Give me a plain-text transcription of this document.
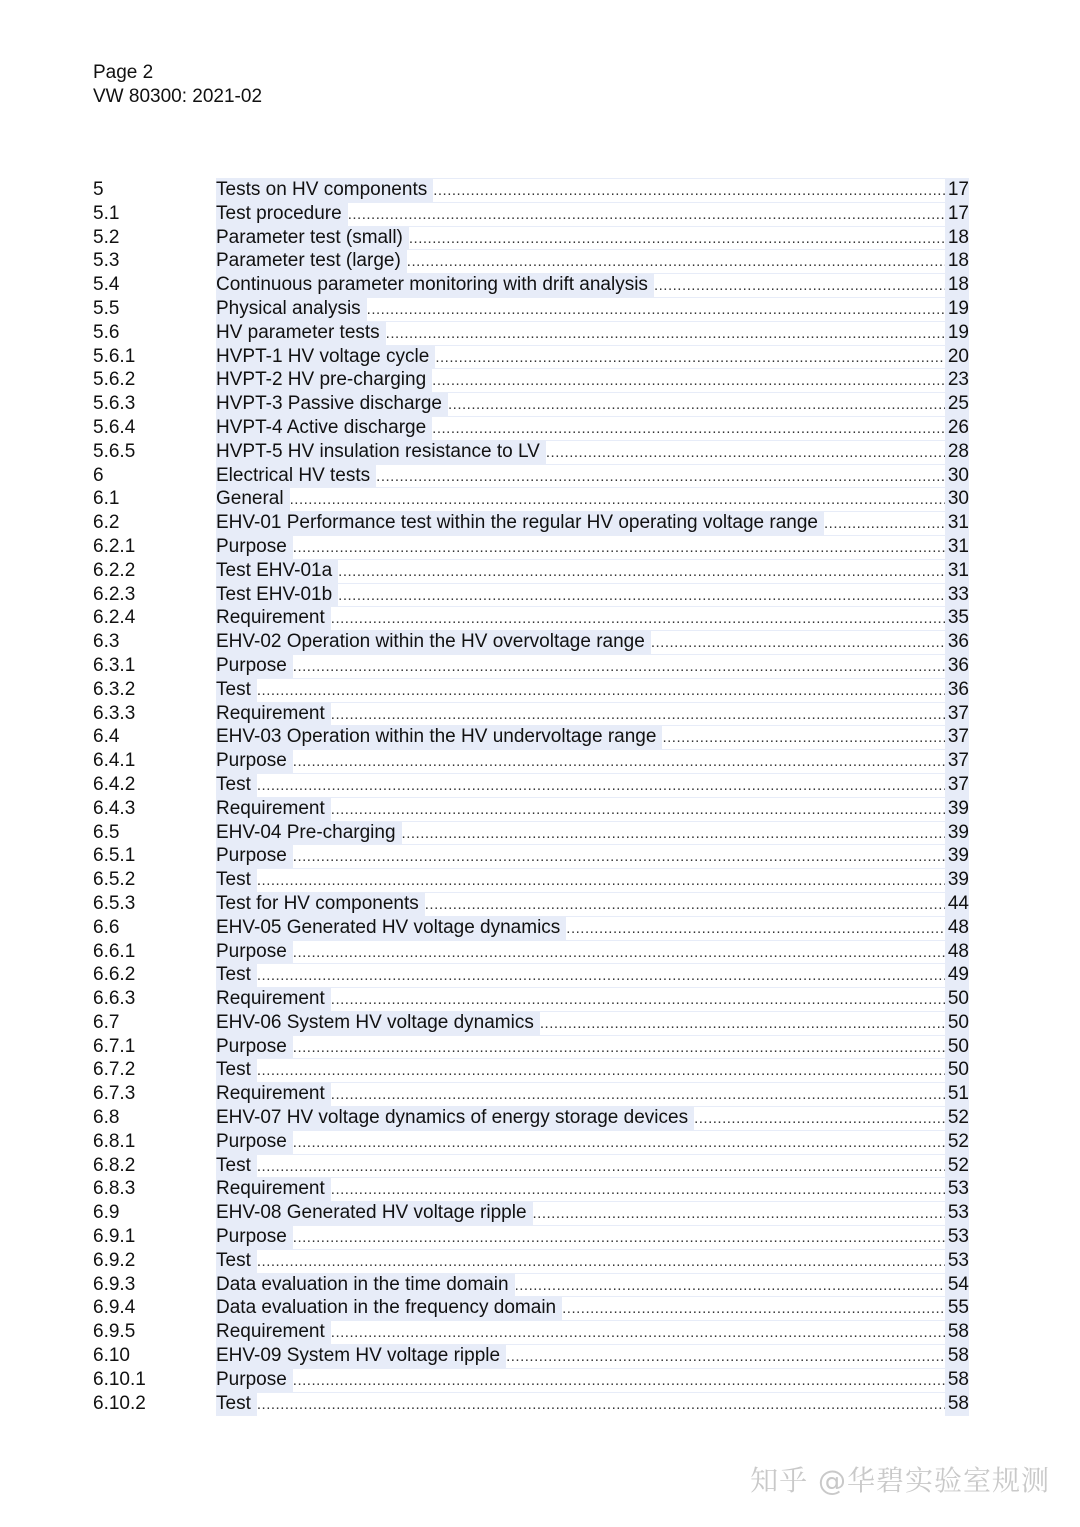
Page 2
VW 80300: 2021-02
5	Tests on HV components .....	17
5.1	Test procedure .....	17
5.2	Parameter test (small) .....	18
5.3	Parameter test (large) .....	18
5.4	Continuous parameter monitoring with drift analysis .....	18
5.5	Physical analysis .....	19
5.6	HV parameter tests .....	19
5.6.1	HVPT-1 HV voltage cycle .....	20
5.6.2	HVPT-2 HV pre-charging .....	23
5.6.3	HVPT-3 Passive discharge .....	25
5.6.4	HVPT-4 Active discharge .....	26
5.6.5	HVPT-5 HV insulation resistance to LV .....	28
6	Electrical HV tests .....	30
6.1	General .....	30
6.2	EHV-01 Performance test within the regular HV operating voltage range .....	31
6.2.1	Purpose .....	31
6.2.2	Test EHV-01a .....	31
6.2.3	Test EHV-01b .....	33
6.2.4	Requirement .....	35
6.3	EHV-02 Operation within the HV overvoltage range .....	36
6.3.1	Purpose .....	36
6.3.2	Test .....	36
6.3.3	Requirement .....	37
6.4	EHV-03 Operation within the HV undervoltage range .....	37
6.4.1	Purpose .....	37
6.4.2	Test .....	37
6.4.3	Requirement .....	39
6.5	EHV-04 Pre-charging .....	39
6.5.1	Purpose .....	39
6.5.2	Test .....	39
6.5.3	Test for HV components .....	44
6.6	EHV-05 Generated HV voltage dynamics .....	48
6.6.1	Purpose .....	48
6.6.2	Test .....	49
6.6.3	Requirement .....	50
6.7	EHV-06 System HV voltage dynamics .....	50
6.7.1	Purpose .....	50
6.7.2	Test .....	50
6.7.3	Requirement .....	51
6.8	EHV-07 HV voltage dynamics of energy storage devices .....	52
6.8.1	Purpose .....	52
6.8.2	Test .....	52
6.8.3	Requirement .....	53
6.9	EHV-08 Generated HV voltage ripple .....	53
6.9.1	Purpose .....	53
6.9.2	Test .....	53
6.9.3	Data evaluation in the time domain .....	54
6.9.4	Data evaluation in the frequency domain .....	55
6.9.5	Requirement .....	58
6.10	EHV-09 System HV voltage ripple .....	58
6.10.1	Purpose .....	58
6.10.2	Test .....	58
知乎 @华碧实验室规测
